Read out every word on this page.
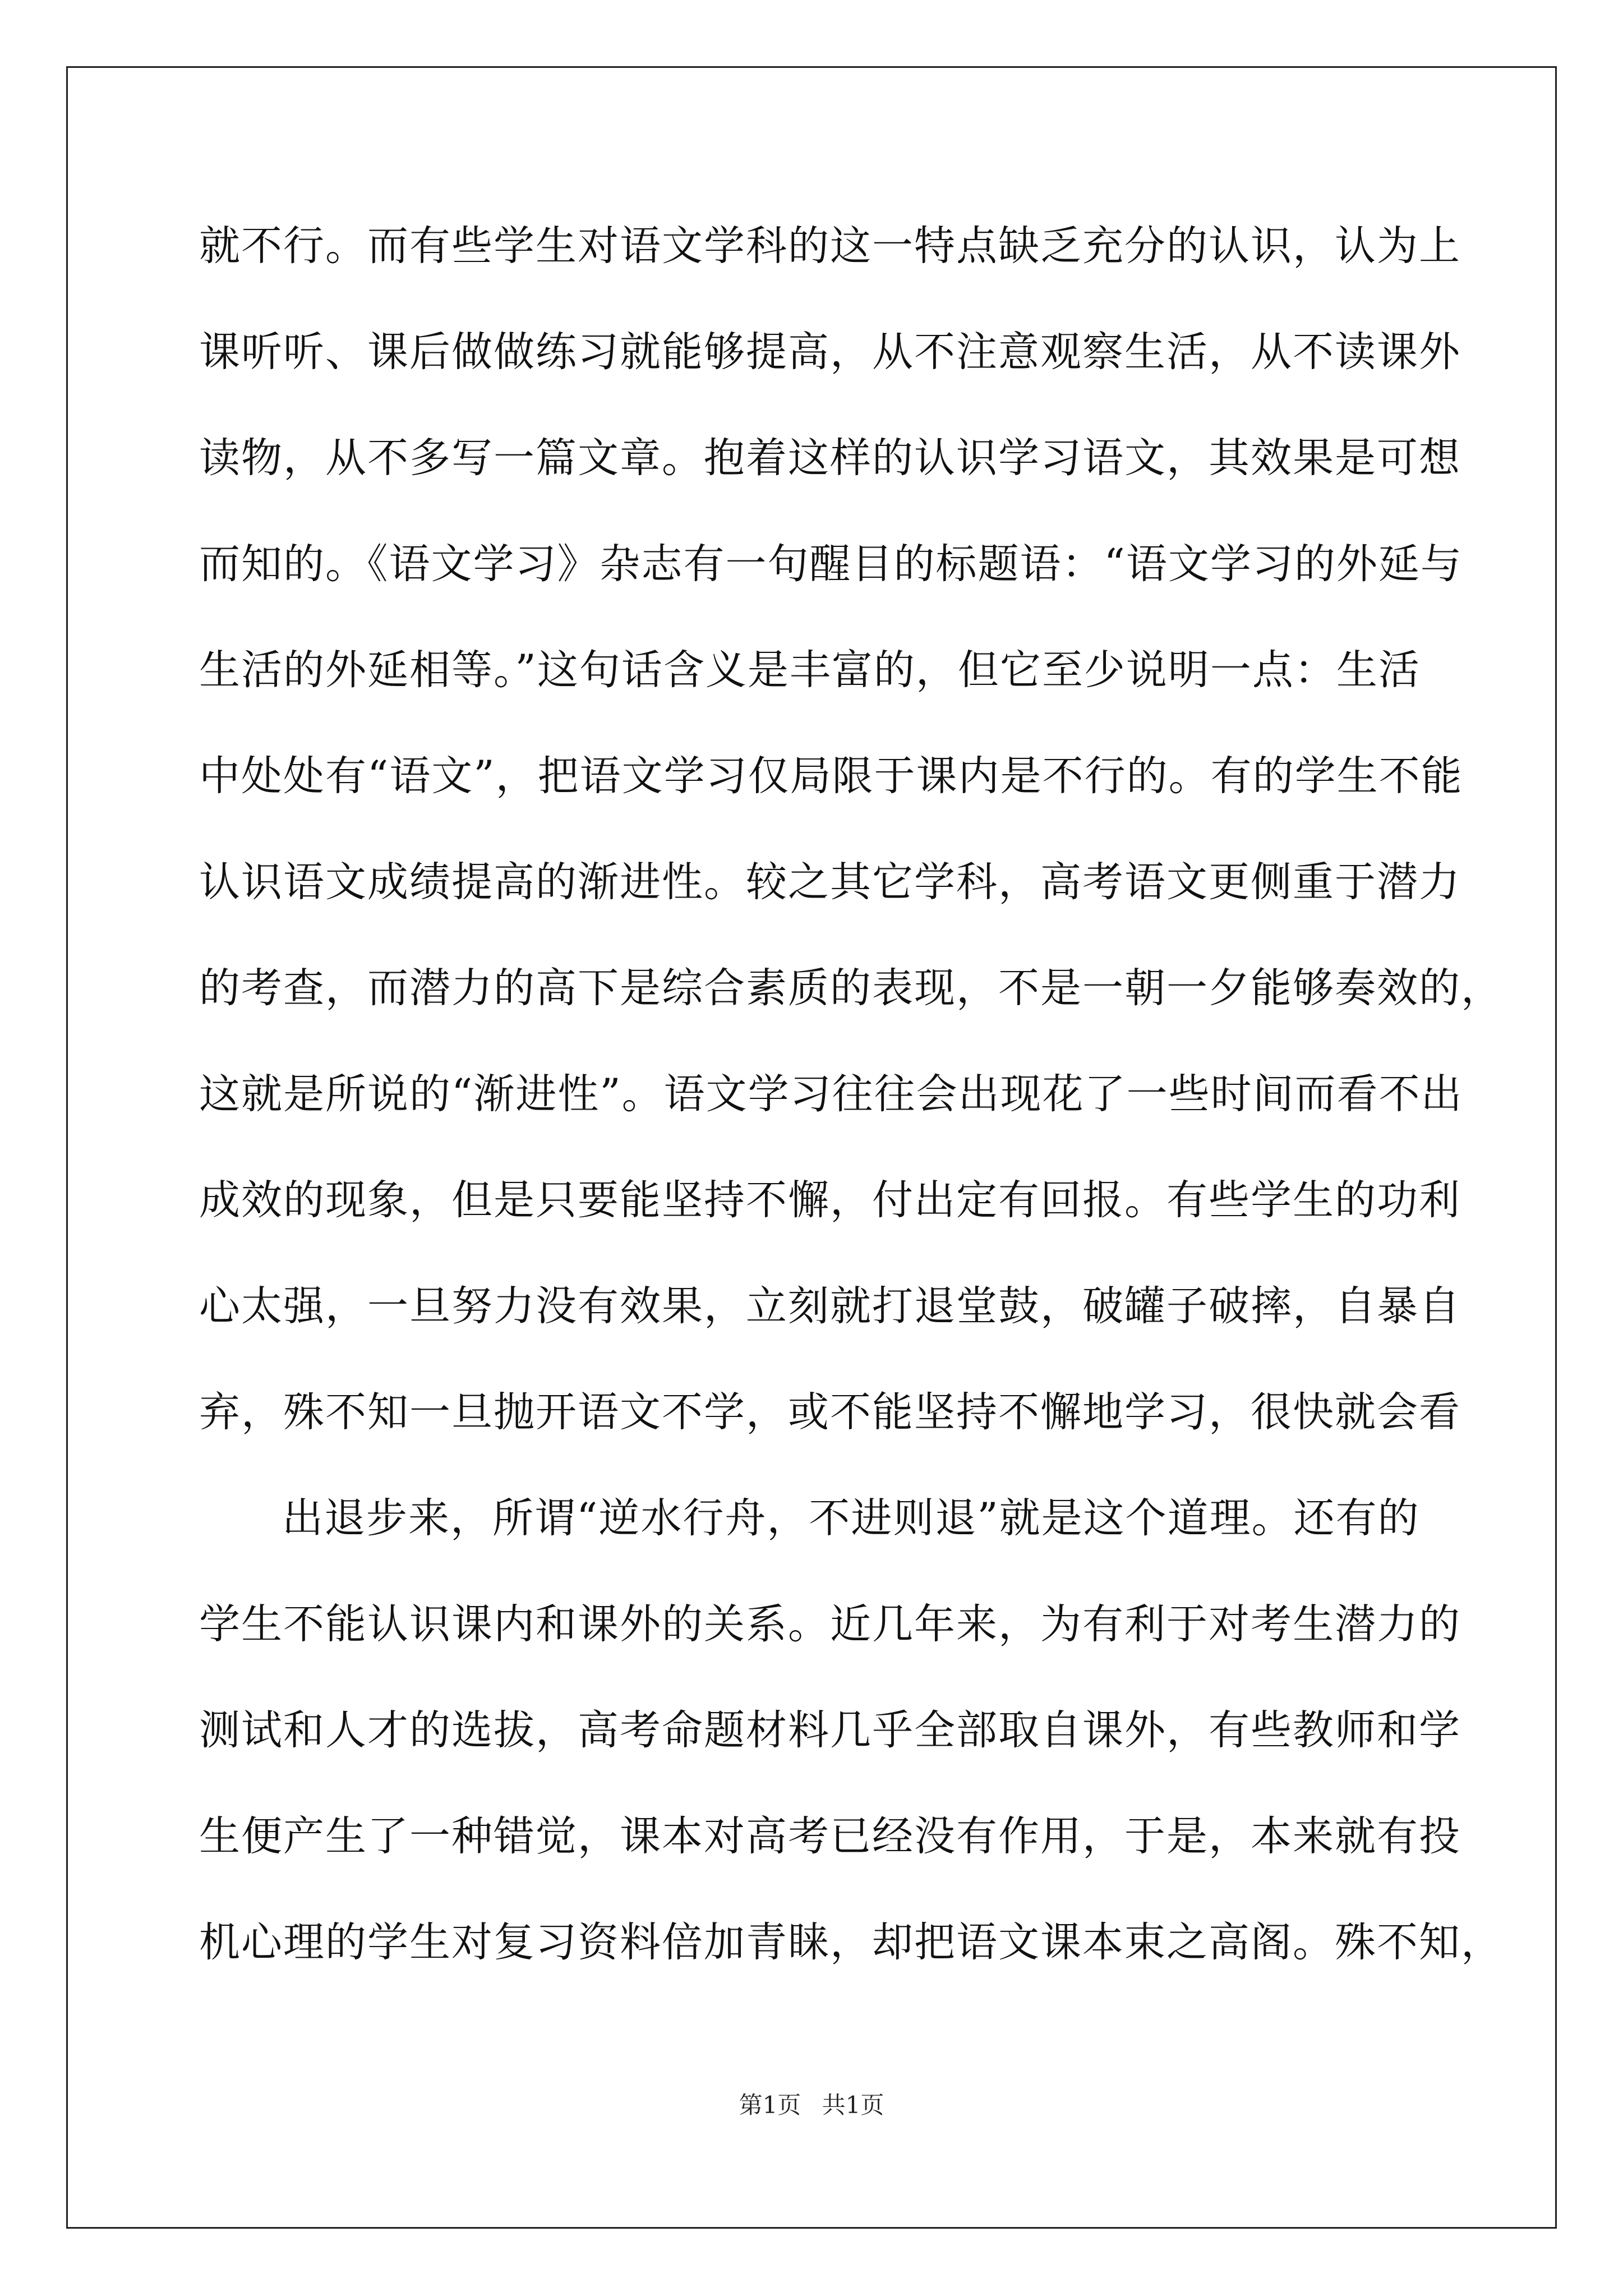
就不行。而有些学生对语文学科的这一特点缺乏充分的认识，认为上
课听听、课后做做练习就能够提高，从不注意观察生活，从不读课外
读物，从不多写一篇文章。抱着这样的认识学习语文，其效果是可想
而知的。《语文学习》杂志有一句醒目的标题语：“语文学习的外延与
生活的外延相等。”这句话含义是丰富的，但它至少说明一点：生活
中处处有“语文”，把语文学习仅局限于课内是不行的。有的学生不能
认识语文成绩提高的渐进性。较之其它学科，高考语文更侧重于潜力
的考查，而潜力的高下是综合素质的表现，不是一朝一夕能够奏效的，
这就是所说的“渐进性”。语文学习往往会出现花了一些时间而看不出
成效的现象，但是只要能坚持不懈，付出定有回报。有些学生的功利
心太强，一旦努力没有效果，立刻就打退堂鼓，破罐子破摔，自暴自
弃，殊不知一旦抛开语文不学，或不能坚持不懈地学习，很快就会看
出退步来，所谓“逆水行舟，不进则退”就是这个道理。还有的
学生不能认识课内和课外的关系。近几年来，为有利于对考生潜力的
测试和人才的选拔，高考命题材料几乎全部取自课外，有些教师和学
生便产生了一种错觉，课本对高考已经没有作用，于是，本来就有投
机心理的学生对复习资料倍加青睐，却把语文课本束之高阁。殊不知，
第1页 共1页
